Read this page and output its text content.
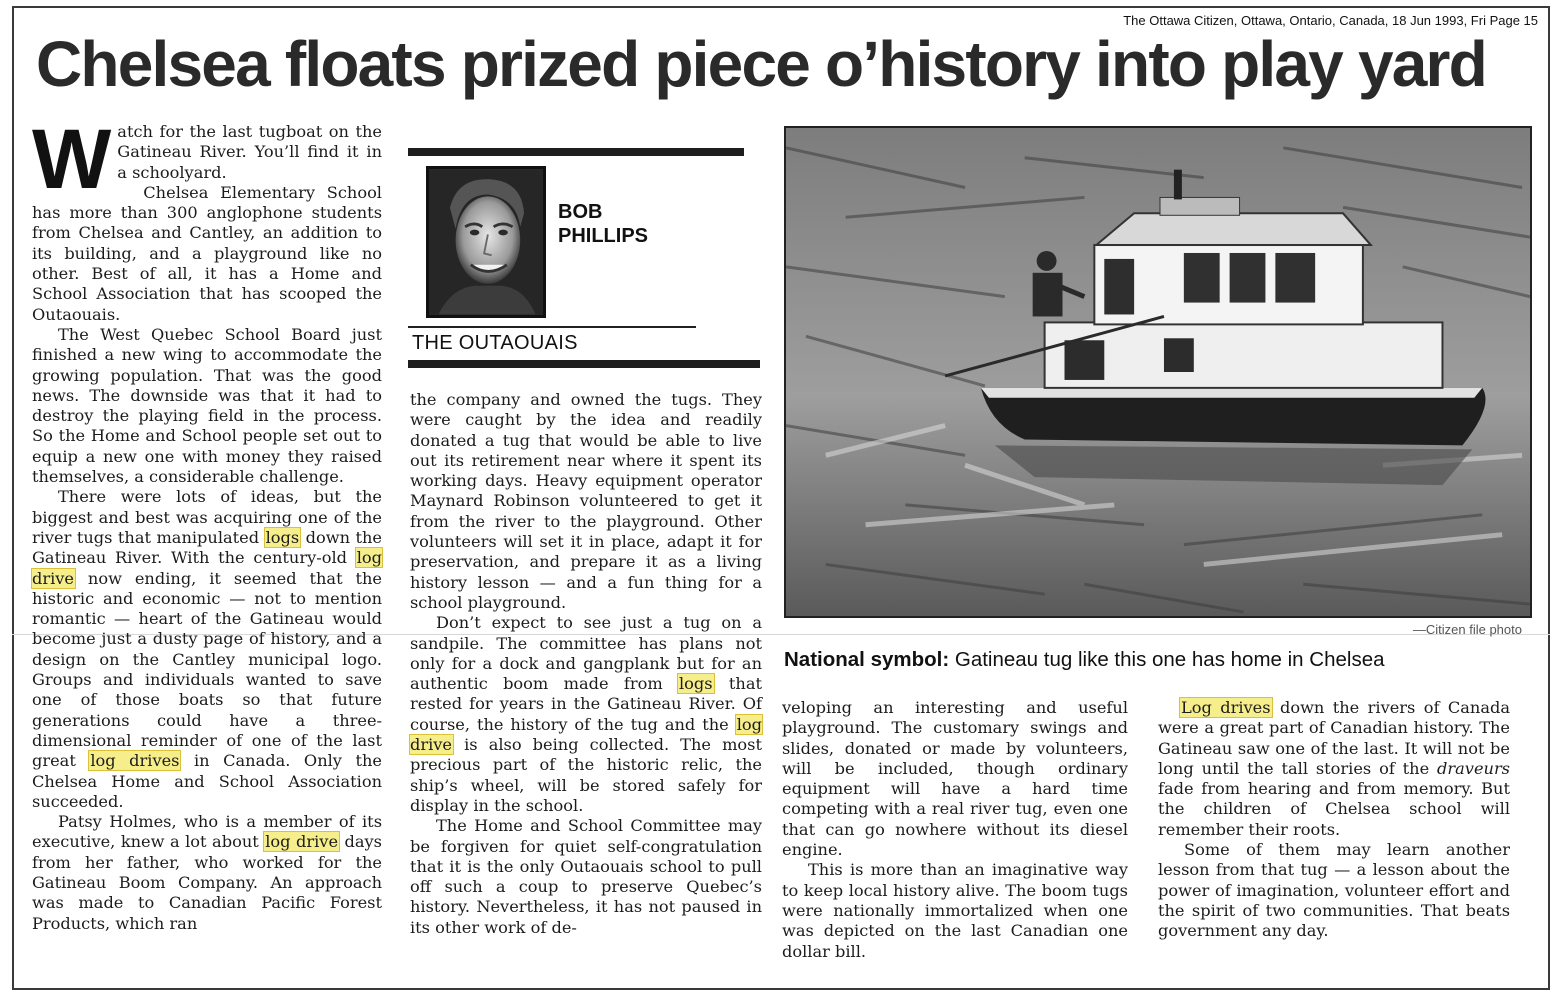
The Ottawa Citizen, Ottawa, Ontario, Canada, 18 Jun 1993, Fri Page 15
Chelsea floats prized piece o’history into play yard

Watch for the last tugboat on the Gatineau River. You’ll find it in a schoolyard.

Chelsea Elementary School has more than 300 anglophone students from Chelsea and Cantley, an addition to its building, and a playground like no other. Best of all, it has a Home and School Association that has scooped the Outaouais.

The West Quebec School Board just finished a new wing to accommodate the growing population. That was the good news. The downside was that it had to destroy the playing field in the process. So the Home and School people set out to equip a new one with money they raised themselves, a considerable challenge.

There were lots of ideas, but the biggest and best was acquiring one of the river tugs that manipulated logs down the Gatineau River. With the century-old log drive now ending, it seemed that the historic and economic — not to mention romantic — heart of the Gatineau would become just a dusty page of history, and a design on the Cantley municipal logo. Groups and individuals wanted to save one of those boats so that future generations could have a three-dimensional reminder of one of the last great log drives in Canada. Only the Chelsea Home and School Association succeeded.

Patsy Holmes, who is a member of its executive, knew a lot about log drive days from her father, who worked for the Gatineau Boom Company. An approach was made to Canadian Pacific Forest Products, which ran

BOB
PHILLIPS
THE OUTAOUAIS

the company and owned the tugs. They were caught by the idea and readily donated a tug that would be able to live out its retirement near where it spent its working days. Heavy equipment operator Maynard Robinson volunteered to get it from the river to the playground. Other volunteers will set it in place, adapt it for preservation, and prepare it as a living history lesson — and a fun thing for a school playground.

Don’t expect to see just a tug on a sandpile. The committee has plans not only for a dock and gangplank but for an authentic boom made from logs that rested for years in the Gatineau River. Of course, the history of the tug and the log drive is also being collected. The most precious part of the historic relic, the ship’s wheel, will be stored safely for display in the school.

The Home and School Committee may be forgiven for quiet self-congratulation that it is the only Outaouais school to pull off such a coup to preserve Quebec’s history. Nevertheless, it has not paused in its other work of de-

—Citizen file photo
National symbol: Gatineau tug like this one has home in Chelsea

veloping an interesting and useful playground. The customary swings and slides, donated or made by volunteers, will be included, though ordinary equipment will have a hard time competing with a real river tug, even one that can go nowhere without its diesel engine.

This is more than an imaginative way to keep local history alive. The boom tugs were nationally immortalized when one was depicted on the last Canadian one dollar bill.

Log drives down the rivers of Canada were a great part of Canadian history. The Gatineau saw one of the last. It will not be long until the tall stories of the draveurs fade from hearing and from memory. But the children of Chelsea school will remember their roots.

Some of them may learn another lesson from that tug — a lesson about the power of imagination, volunteer effort and the spirit of two communities. That beats government any day.
